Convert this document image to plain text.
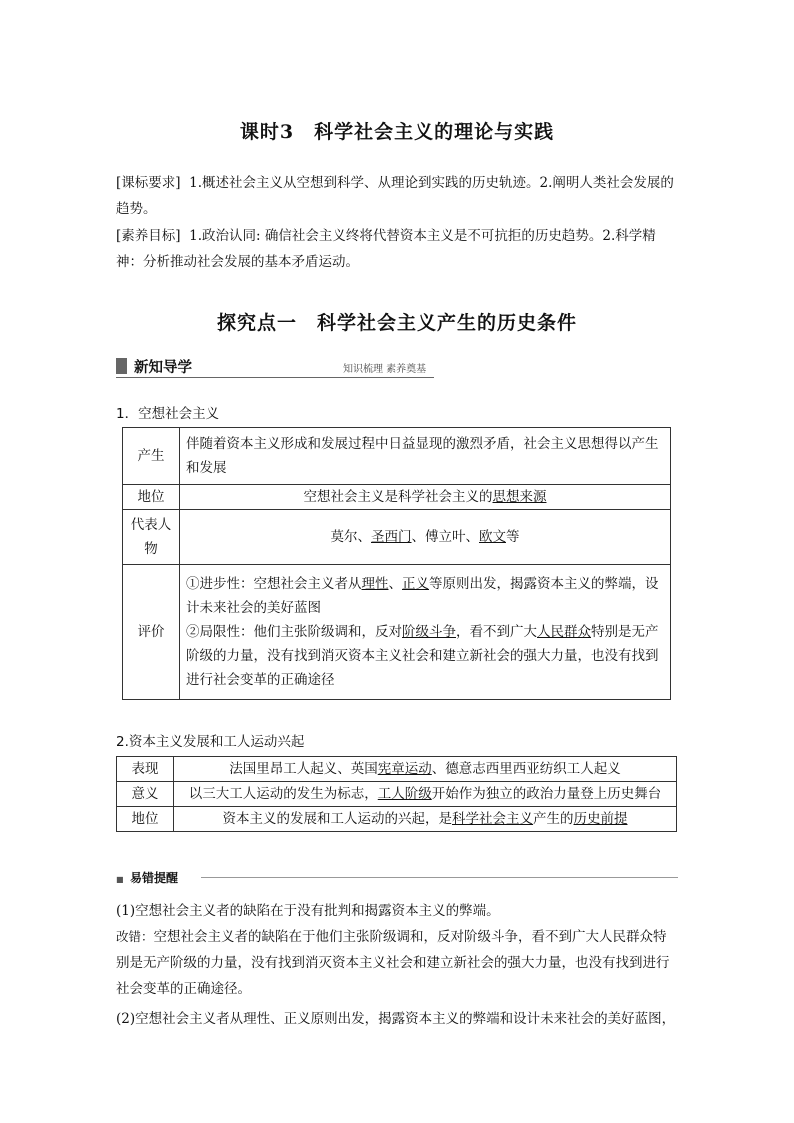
课时3　科学社会主义的理论与实践
[课标要求] 1.概述社会主义从空想到科学、从理论到实践的历史轨迹。2.阐明人类社会发展的趋势。
[素养目标] 1.政治认同: 确信社会主义终将代替资本主义是不可抗拒的历史趋势。2.科学精神：分析推动社会发展的基本矛盾运动。
探究点一　科学社会主义产生的历史条件
新知导学	知识梳理 素养奠基
1．空想社会主义
产生	伴随着资本主义形成和发展过程中日益显现的激烈矛盾，社会主义思想得以产生和发展
地位	空想社会主义是科学社会主义的思想来源
代表人物	莫尔、圣西门、傅立叶、欧文等
评价	①进步性：空想社会主义者从理性、正义等原则出发，揭露资本主义的弊端，设计未来社会的美好蓝图
②局限性：他们主张阶级调和，反对阶级斗争，看不到广大人民群众特别是无产阶级的力量，没有找到消灭资本主义社会和建立新社会的强大力量，也没有找到进行社会变革的正确途径
2.资本主义发展和工人运动兴起
表现	法国里昂工人起义、英国宪章运动、德意志西里西亚纺织工人起义
意义	以三大工人运动的发生为标志，工人阶级开始作为独立的政治力量登上历史舞台
地位	资本主义的发展和工人运动的兴起，是科学社会主义产生的历史前提
■ 易错提醒
(1)空想社会主义者的缺陷在于没有批判和揭露资本主义的弊端。
改错：空想社会主义者的缺陷在于他们主张阶级调和，反对阶级斗争，看不到广大人民群众特别是无产阶级的力量，没有找到消灭资本主义社会和建立新社会的强大力量，也没有找到进行社会变革的正确途径。
(2)空想社会主义者从理性、正义原则出发，揭露资本主义的弊端和设计未来社会的美好蓝图，
